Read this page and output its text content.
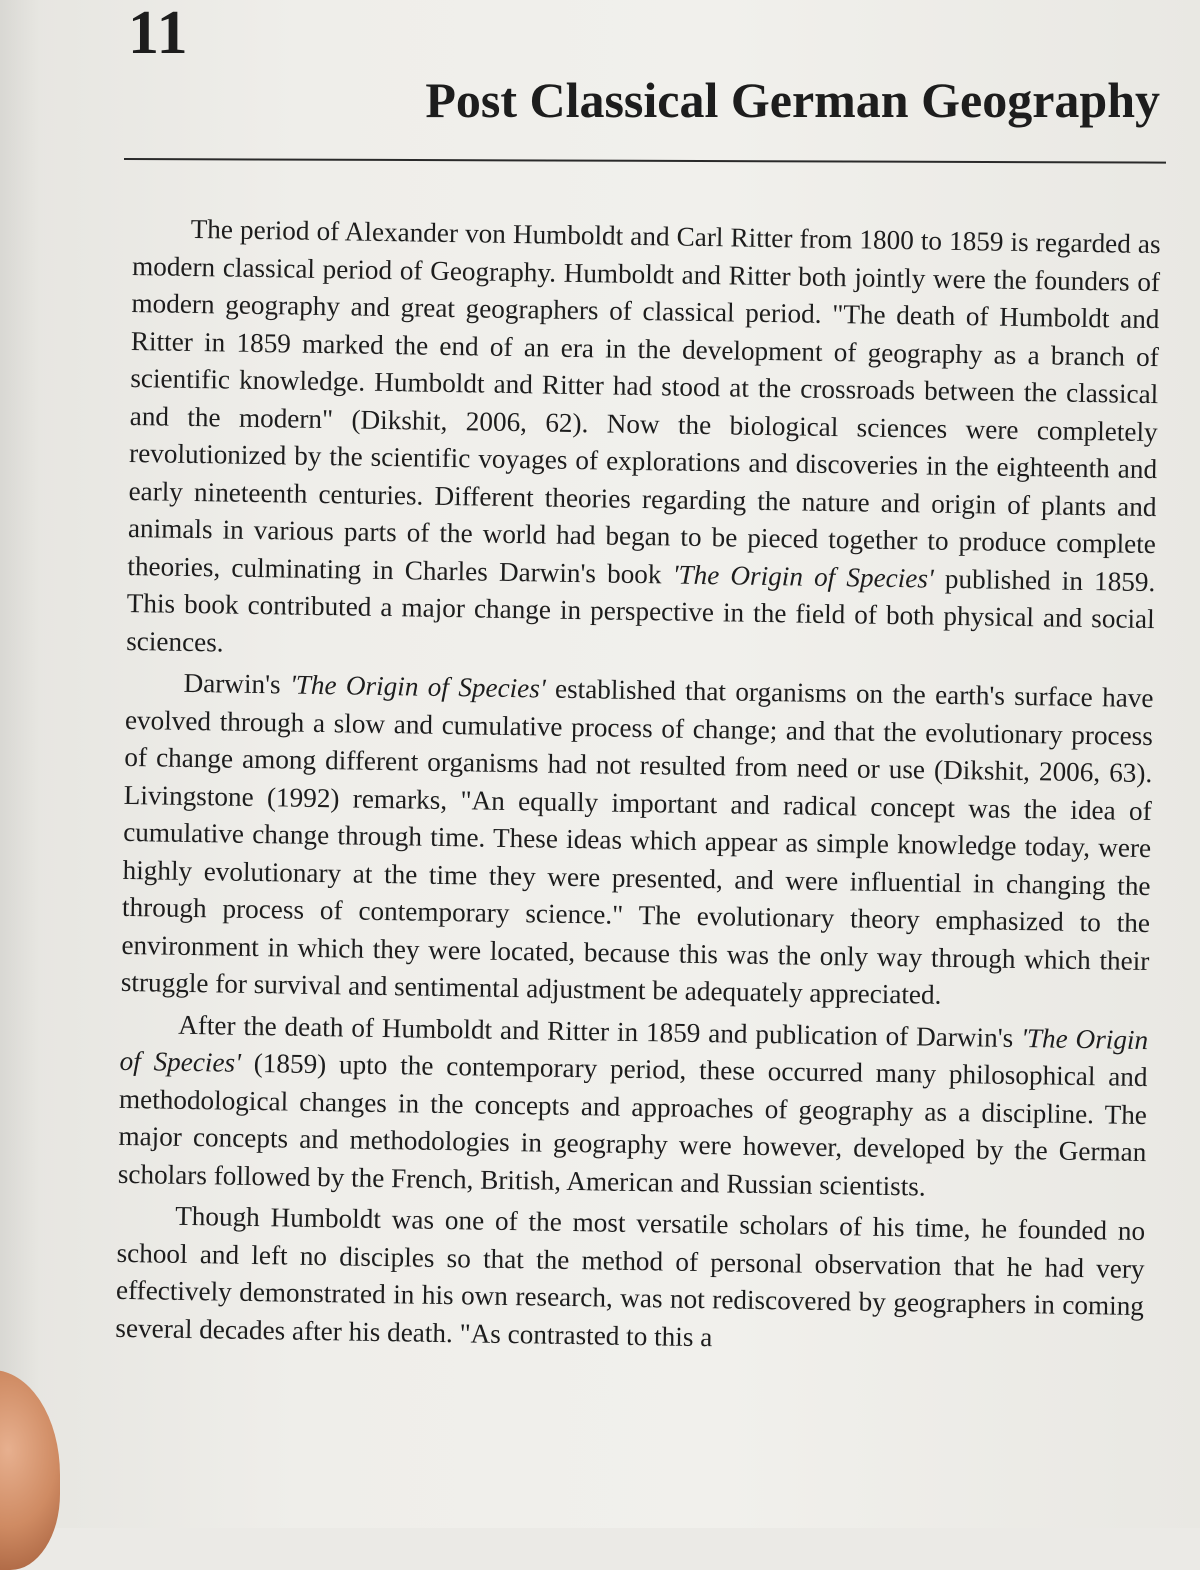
11
Post Classical German Geography

The period of Alexander von Humboldt and Carl Ritter from 1800 to 1859 is regarded as modern classical period of Geography. Humboldt and Ritter both jointly were the founders of modern geography and great geographers of classical period. "The death of Humboldt and Ritter in 1859 marked the end of an era in the development of geography as a branch of scientific knowledge. Humboldt and Ritter had stood at the crossroads between the classical and the modern" (Dikshit, 2006, 62). Now the biological sciences were completely revolutionized by the scientific voyages of explorations and discoveries in the eighteenth and early nineteenth centuries. Different theories regarding the nature and origin of plants and animals in various parts of the world had began to be pieced together to produce complete theories, culminating in Charles Darwin's book 'The Origin of Species' published in 1859. This book contributed a major change in perspective in the field of both physical and social sciences.

Darwin's 'The Origin of Species' established that organisms on the earth's surface have evolved through a slow and cumulative process of change; and that the evolutionary process of change among different organisms had not resulted from need or use (Dikshit, 2006, 63). Livingstone (1992) remarks, "An equally important and radical concept was the idea of cumulative change through time. These ideas which appear as simple knowledge today, were highly evolutionary at the time they were presented, and were influential in changing the through process of contemporary science." The evolutionary theory emphasized to the environment in which they were located, because this was the only way through which their struggle for survival and sentimental adjustment be adequately appreciated.

After the death of Humboldt and Ritter in 1859 and publication of Darwin's 'The Origin of Species' (1859) upto the contemporary period, these occurred many philosophical and methodological changes in the concepts and approaches of geography as a discipline. The major concepts and methodologies in geography were however, developed by the German scholars followed by the French, British, American and Russian scientists.

Though Humboldt was one of the most versatile scholars of his time, he founded no school and left no disciples so that the method of personal observation that he had very effectively demonstrated in his own research, was not rediscovered by geographers in coming several decades after his death. "As contrasted to this a
